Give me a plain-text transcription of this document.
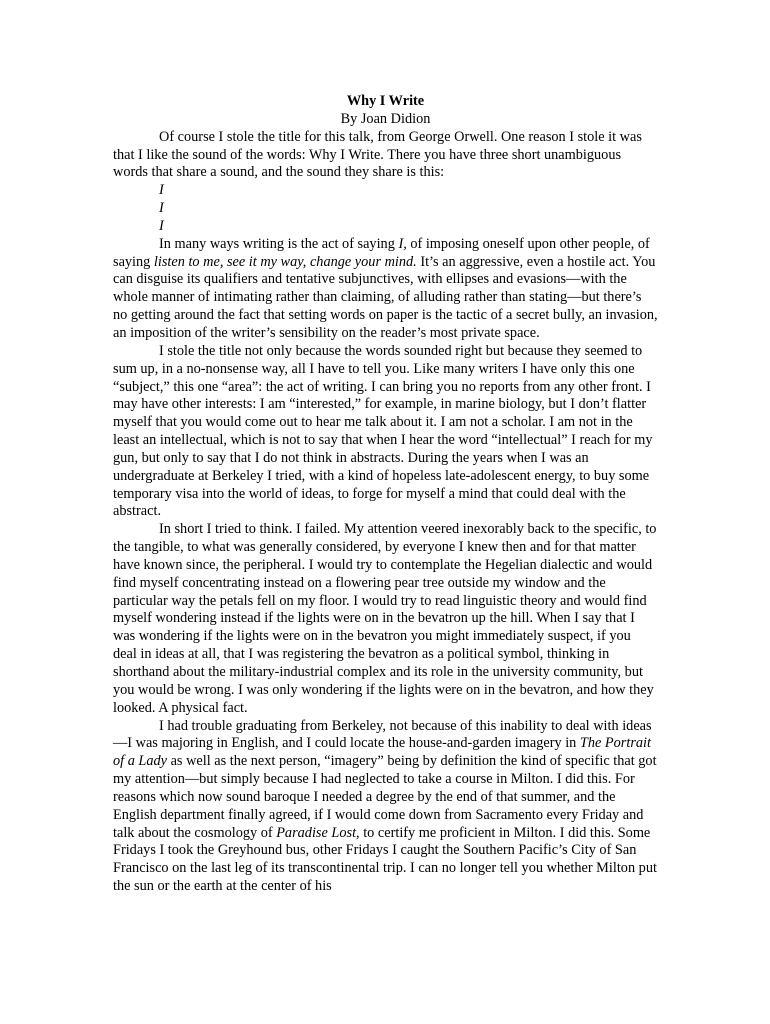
Why I Write
By Joan Didion

Of course I stole the title for this talk, from George Orwell. One reason I stole it was that I like the sound of the words: Why I Write. There you have three short unambiguous words that share a sound, and the sound they share is this:

I
I
I

In many ways writing is the act of saying I, of imposing oneself upon other people, of saying listen to me, see it my way, change your mind. It’s an aggressive, even a hostile act. You can disguise its qualifiers and tentative subjunctives, with ellipses and evasions—with the whole manner of intimating rather than claiming, of alluding rather than stating—but there’s no getting around the fact that setting words on paper is the tactic of a secret bully, an invasion, an imposition of the writer’s sensibility on the reader’s most private space.

I stole the title not only because the words sounded right but because they seemed to sum up, in a no-nonsense way, all I have to tell you. Like many writers I have only this one “subject,” this one “area”: the act of writing. I can bring you no reports from any other front. I may have other interests: I am “interested,” for example, in marine biology, but I don’t flatter myself that you would come out to hear me talk about it. I am not a scholar. I am not in the least an intellectual, which is not to say that when I hear the word “intellectual” I reach for my gun, but only to say that I do not think in abstracts. During the years when I was an undergraduate at Berkeley I tried, with a kind of hopeless late-adolescent energy, to buy some temporary visa into the world of ideas, to forge for myself a mind that could deal with the abstract.

In short I tried to think. I failed. My attention veered inexorably back to the specific, to the tangible, to what was generally considered, by everyone I knew then and for that matter have known since, the peripheral. I would try to contemplate the Hegelian dialectic and would find myself concentrating instead on a flowering pear tree outside my window and the particular way the petals fell on my floor. I would try to read linguistic theory and would find myself wondering instead if the lights were on in the bevatron up the hill. When I say that I was wondering if the lights were on in the bevatron you might immediately suspect, if you deal in ideas at all, that I was registering the bevatron as a political symbol, thinking in shorthand about the military-industrial complex and its role in the university community, but you would be wrong. I was only wondering if the lights were on in the bevatron, and how they looked. A physical fact.

I had trouble graduating from Berkeley, not because of this inability to deal with ideas—I was majoring in English, and I could locate the house-and-garden imagery in The Portrait of a Lady as well as the next person, “imagery” being by definition the kind of specific that got my attention—but simply because I had neglected to take a course in Milton. I did this. For reasons which now sound baroque I needed a degree by the end of that summer, and the English department finally agreed, if I would come down from Sacramento every Friday and talk about the cosmology of Paradise Lost, to certify me proficient in Milton. I did this. Some Fridays I took the Greyhound bus, other Fridays I caught the Southern Pacific’s City of San Francisco on the last leg of its transcontinental trip. I can no longer tell you whether Milton put the sun or the earth at the center of his
